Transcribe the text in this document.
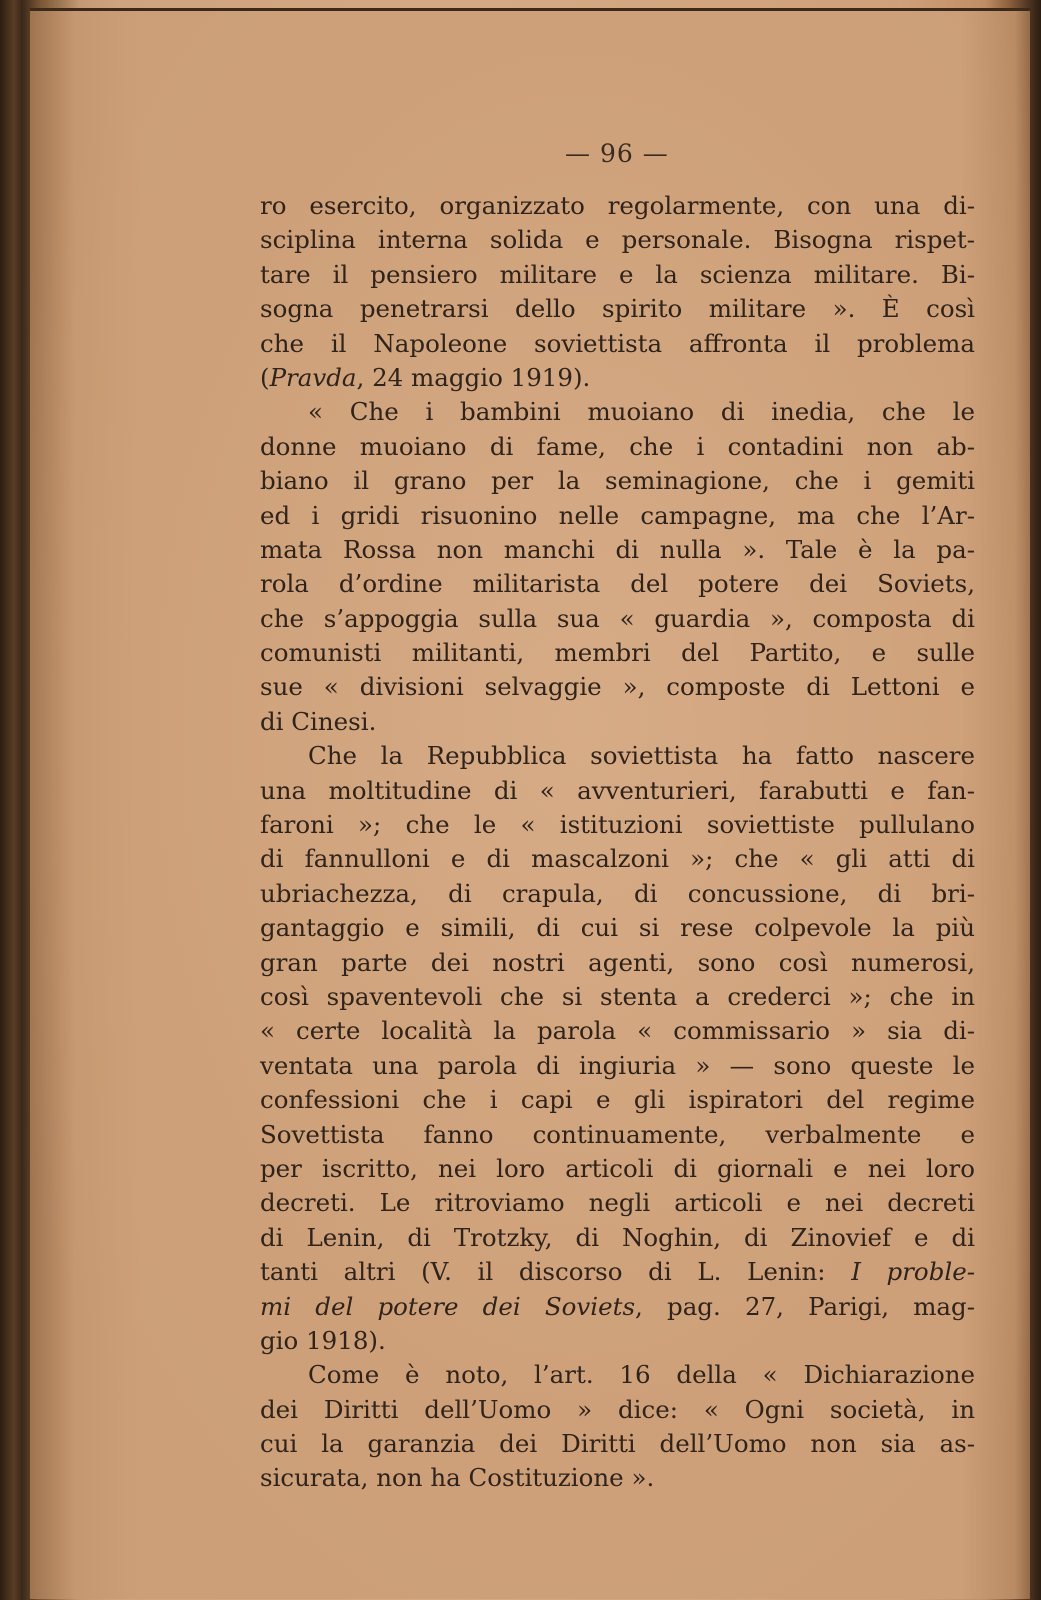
— 96 —
ro esercito, organizzato regolarmente, con una di-
sciplina interna solida e personale. Bisogna rispet-
tare il pensiero militare e la scienza militare. Bi-
sogna penetrarsi dello spirito militare ». È così
che il Napoleone soviettista affronta il problema
(Pravda, 24 maggio 1919).
« Che i bambini muoiano di inedia, che le
donne muoiano di fame, che i contadini non ab-
biano il grano per la seminagione, che i gemiti
ed i gridi risuonino nelle campagne, ma che l’Ar-
mata Rossa non manchi di nulla ». Tale è la pa-
rola d’ordine militarista del potere dei Soviets,
che s’appoggia sulla sua « guardia », composta di
comunisti militanti, membri del Partito, e sulle
sue « divisioni selvaggie », composte di Lettoni e
di Cinesi.
Che la Repubblica soviettista ha fatto nascere
una moltitudine di « avventurieri, farabutti e fan-
faroni »; che le « istituzioni soviettiste pullulano
di fannulloni e di mascalzoni »; che « gli atti di
ubriachezza, di crapula, di concussione, di bri-
gantaggio e simili, di cui si rese colpevole la più
gran parte dei nostri agenti, sono così numerosi,
così spaventevoli che si stenta a crederci »; che in
« certe località la parola « commissario » sia di-
ventata una parola di ingiuria » — sono queste le
confessioni che i capi e gli ispiratori del regime
Sovettista fanno continuamente, verbalmente e
per iscritto, nei loro articoli di giornali e nei loro
decreti. Le ritroviamo negli articoli e nei decreti
di Lenin, di Trotzky, di Noghin, di Zinovief e di
tanti altri (V. il discorso di L. Lenin: I proble-
mi del potere dei Soviets, pag. 27, Parigi, mag-
gio 1918).
Come è noto, l’art. 16 della « Dichiarazione
dei Diritti dell’Uomo » dice: « Ogni società, in
cui la garanzia dei Diritti dell’Uomo non sia as-
sicurata, non ha Costituzione ».
